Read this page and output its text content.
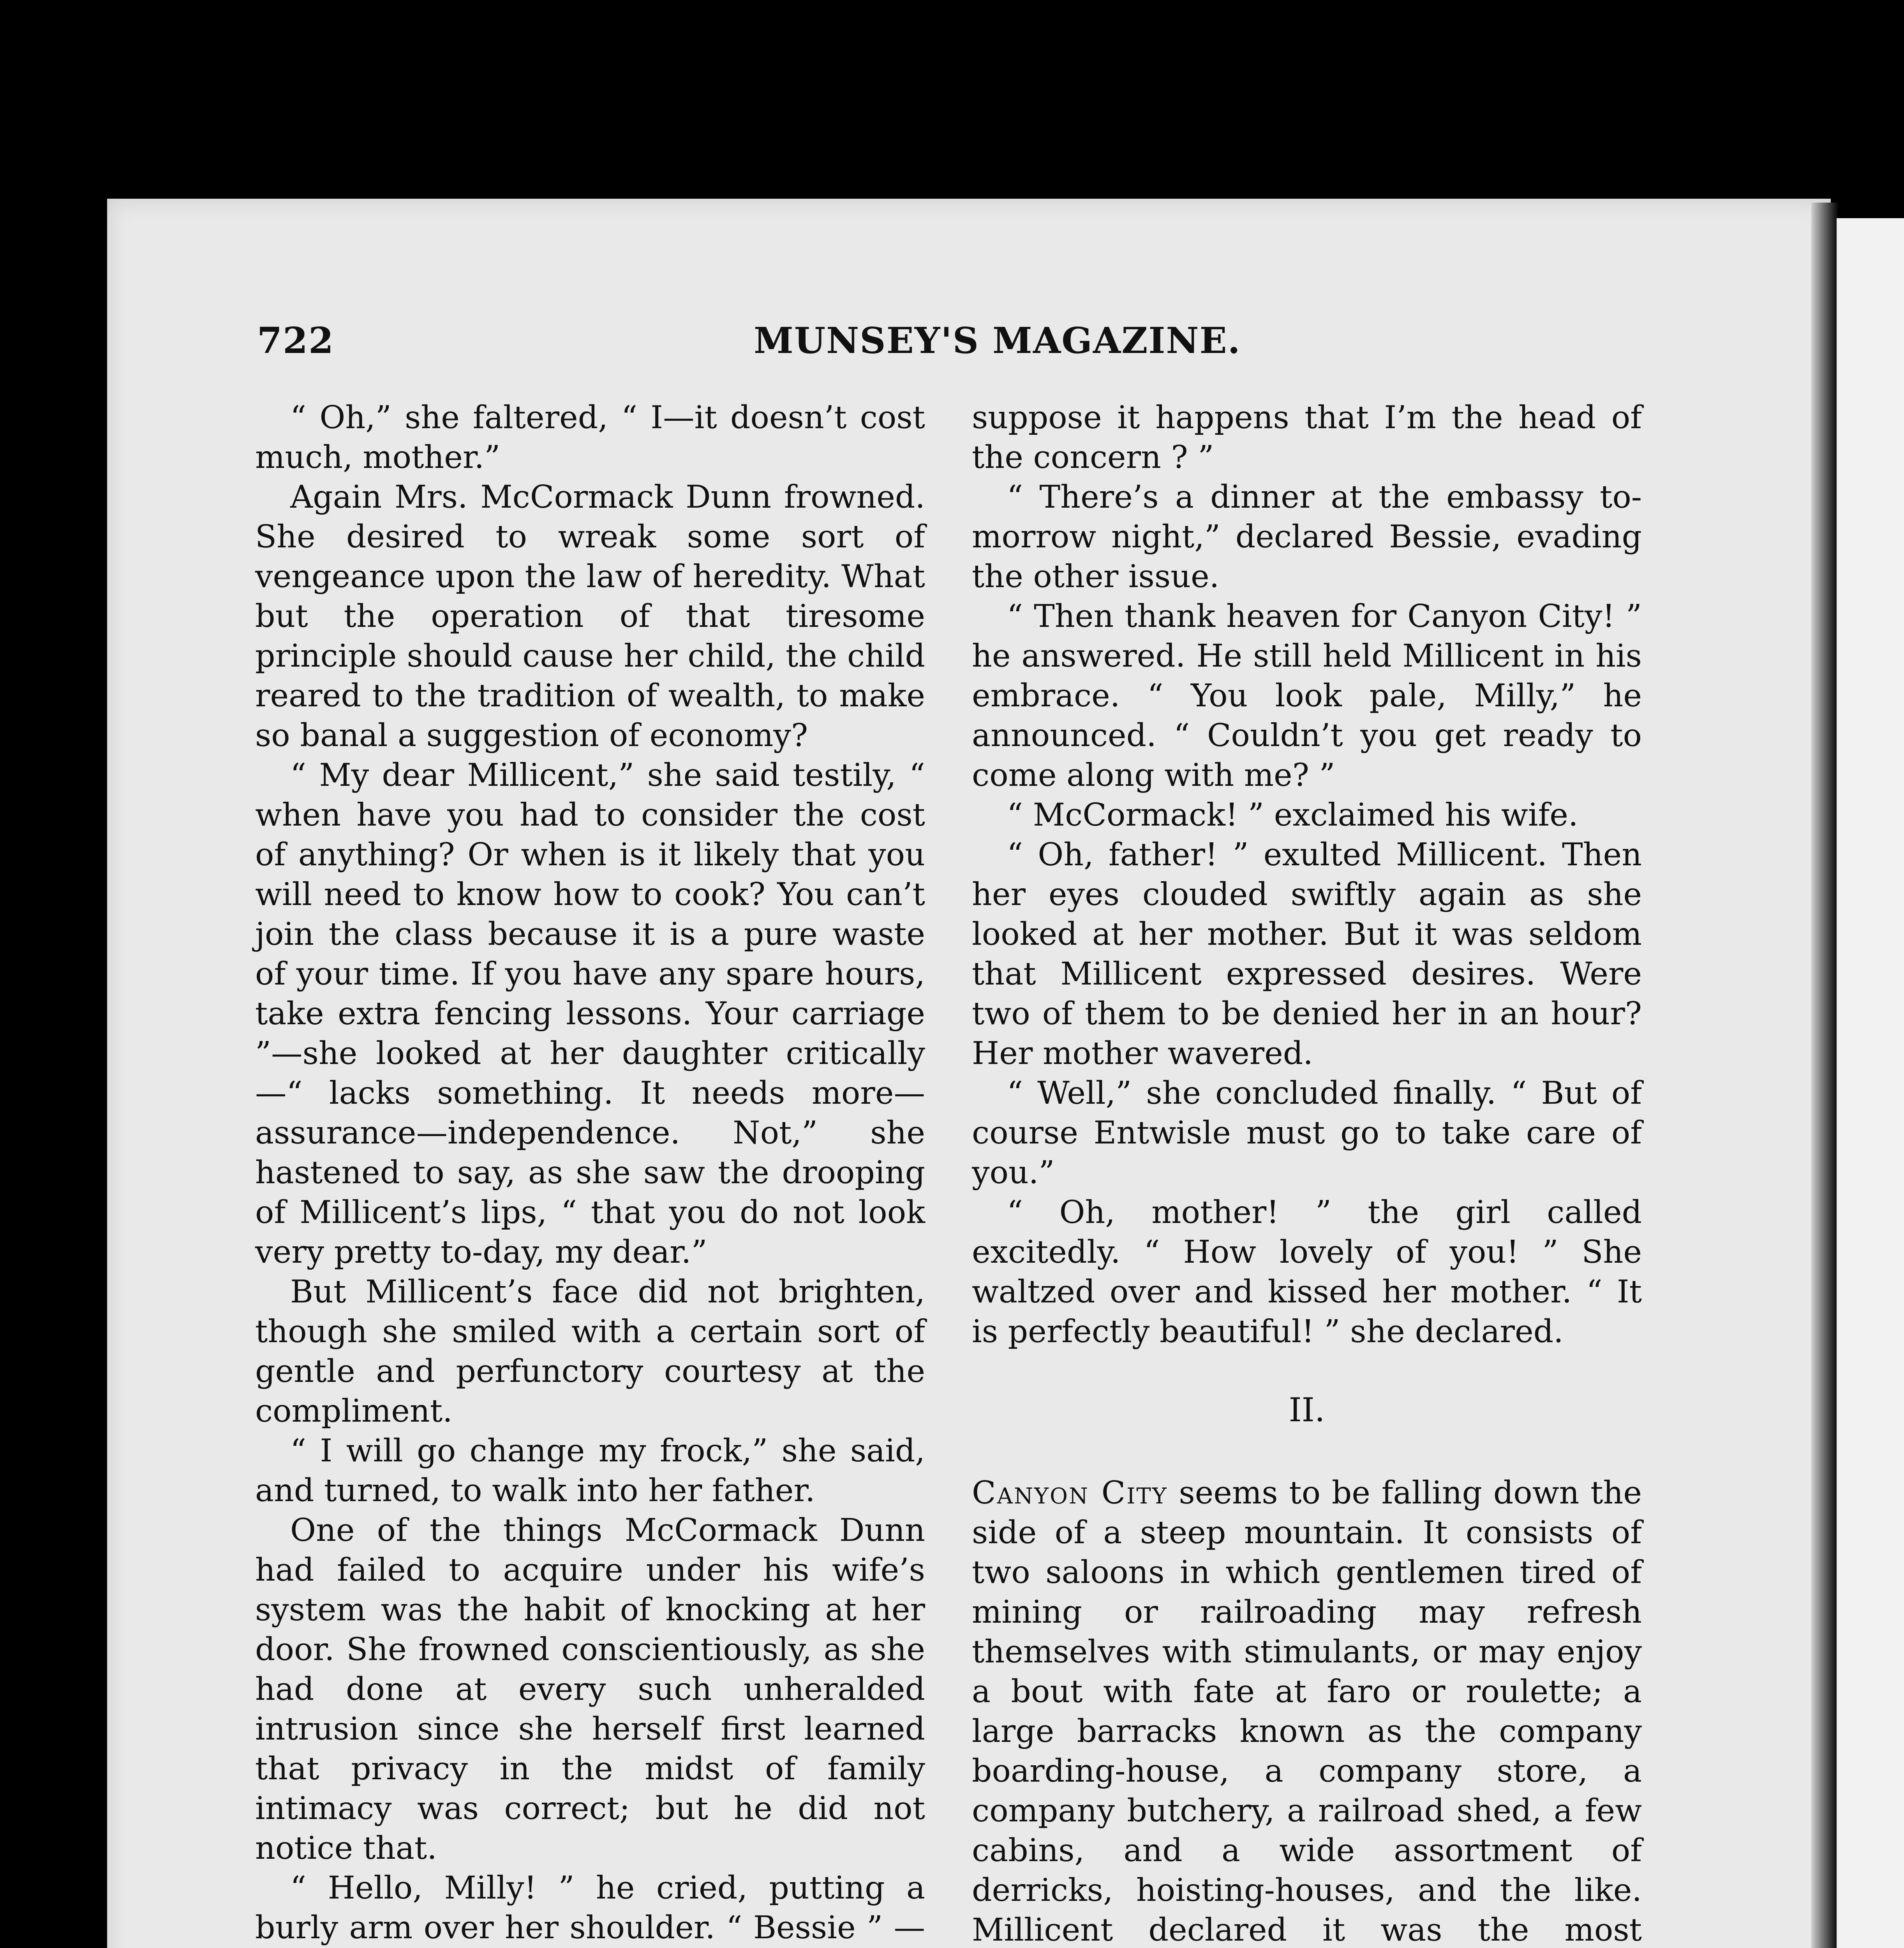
722	MUNSEY'S MAGAZINE.

“ Oh,” she faltered, “ I—it doesn’t cost much, mother.”

Again Mrs. McCormack Dunn frowned. She desired to wreak some sort of vengeance upon the law of heredity. What but the operation of that tiresome principle should cause her child, the child reared to the tradition of wealth, to make so banal a suggestion of economy?

“ My dear Millicent,” she said testily, “ when have you had to consider the cost of anything? Or when is it likely that you will need to know how to cook? You can’t join the class because it is a pure waste of your time. If you have any spare hours, take extra fencing lessons. Your carriage ”—she looked at her daughter critically—“ lacks something. It needs more—assurance—independence. Not,” she hastened to say, as she saw the drooping of Millicent’s lips, “ that you do not look very pretty to-day, my dear.”

But Millicent’s face did not brighten, though she smiled with a certain sort of gentle and perfunctory courtesy at the compliment.

“ I will go change my frock,” she said, and turned, to walk into her father.

One of the things McCormack Dunn had failed to acquire under his wife’s system was the habit of knocking at her door. She frowned conscientiously, as she had done at every such unheralded intrusion since she herself first learned that privacy in the midst of family intimacy was correct; but he did not notice that.

“ Hello, Milly! ” he cried, putting a burly arm over her shoulder. “ Bessie ” —

suppose it happens that I’m the head of the concern ? ”

“ There’s a dinner at the embassy to-morrow night,” declared Bessie, evading the other issue.

“ Then thank heaven for Canyon City! ” he answered. He still held Millicent in his embrace. “ You look pale, Milly,” he announced. “ Couldn’t you get ready to come along with me? ”

“ McCormack! ” exclaimed his wife.

“ Oh, father! ” exulted Millicent. Then her eyes clouded swiftly again as she looked at her mother. But it was seldom that Millicent expressed desires. Were two of them to be denied her in an hour? Her mother wavered.

“ Well,” she concluded finally. “ But of course Entwisle must go to take care of you.”

“ Oh, mother! ” the girl called excitedly. “ How lovely of you! ” She waltzed over and kissed her mother. “ It is perfectly beautiful! ” she declared.

II.

Canyon City seems to be falling down the side of a steep mountain. It consists of two saloons in which gentlemen tired of mining or railroading may refresh themselves with stimulants, or may enjoy a bout with fate at faro or roulette; a large barracks known as the company boarding-house, a company store, a company butchery, a railroad shed, a few cabins, and a wide assortment of derricks, hoisting-houses, and the like. Millicent declared it was the most
